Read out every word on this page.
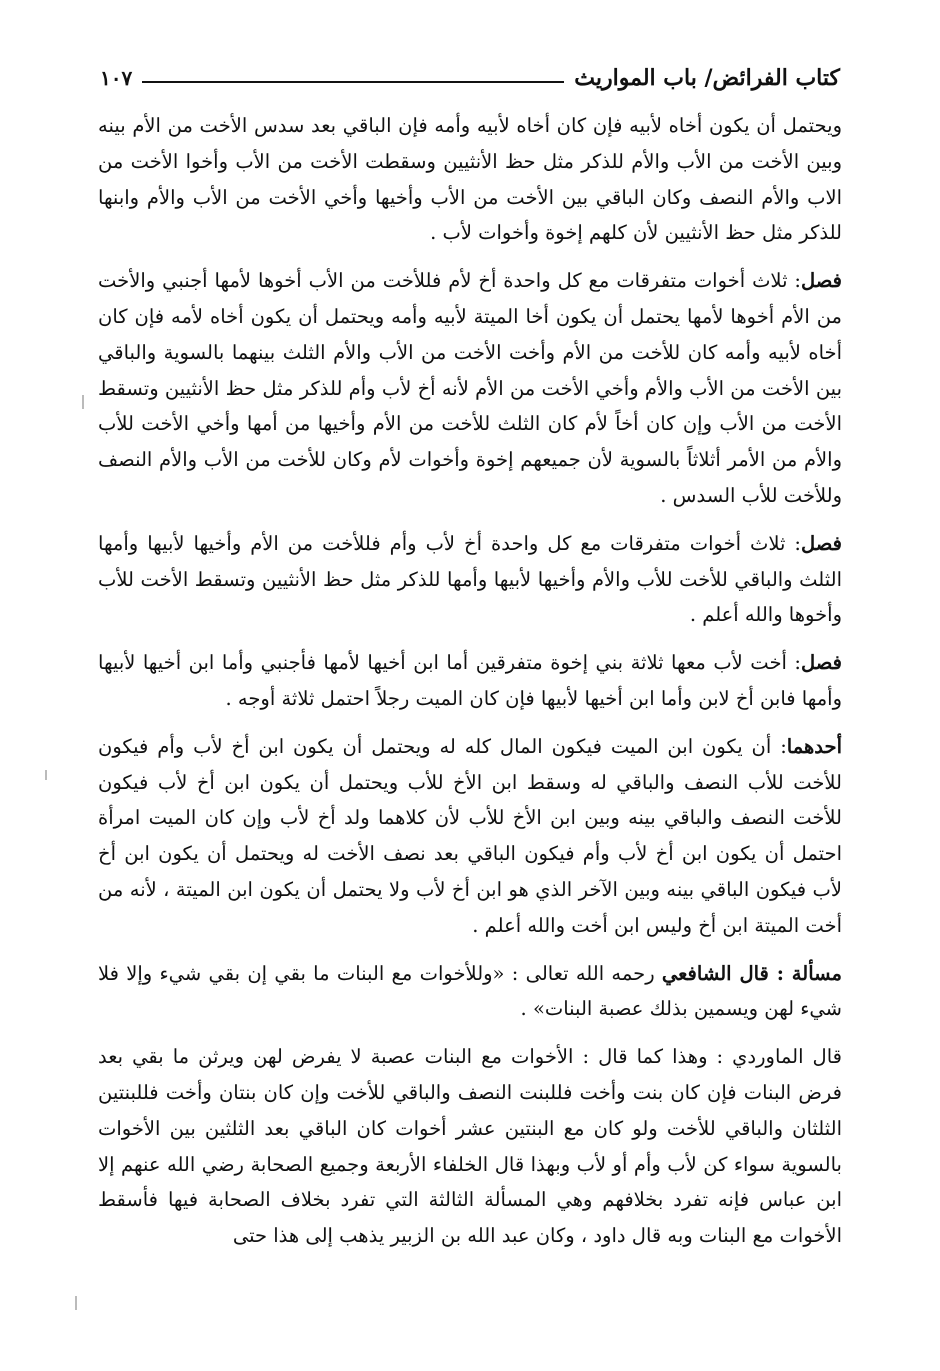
كتاب الفرائض/ باب المواريث
١٠٧

ويحتمل أن يكون أخاه لأبيه فإن كان أخاه لأبيه وأمه فإن الباقي بعد سدس الأخت من الأم بينه وبين الأخت من الأب والأم للذكر مثل حظ الأنثيين وسقطت الأخت من الأب وأخوا الأخت من الاب والأم النصف وكان الباقي بين الأخت من الأب وأخيها وأخي الأخت من الأب والأم وابنها للذكر مثل حظ الأنثيين لأن كلهم إخوة وأخوات لأب .

فصل: ثلاث أخوات متفرقات مع كل واحدة أخ لأم فللأخت من الأب أخوها لأمها أجنبي والأخت من الأم أخوها لأمها يحتمل أن يكون أخا الميتة لأبيه وأمه ويحتمل أن يكون أخاه لأمه فإن كان أخاه لأبيه وأمه كان للأخت من الأم وأخت الأخت من الأب والأم الثلث بينهما بالسوية والباقي بين الأخت من الأب والأم وأخي الأخت من الأم لأنه أخ لأب وأم للذكر مثل حظ الأنثيين وتسقط الأخت من الأب وإن كان أخاً لأم كان الثلث للأخت من الأم وأخيها من أمها وأخي الأخت للأب والأم من الأمر أثلاثاً بالسوية لأن جميعهم إخوة وأخوات لأم وكان للأخت من الأب والأم النصف وللأخت للأب السدس .

فصل: ثلاث أخوات متفرقات مع كل واحدة أخ لأب وأم فللأخت من الأم وأخيها لأبيها وأمها الثلث والباقي للأخت للأب والأم وأخيها لأبيها وأمها للذكر مثل حظ الأنثيين وتسقط الأخت للأب وأخوها والله أعلم .

فصل: أخت لأب معها ثلاثة بني إخوة متفرقين أما ابن أخيها لأمها فأجنبي وأما ابن أخيها لأبيها وأمها فابن أخ لابن وأما ابن أخيها لأبيها فإن كان الميت رجلاً احتمل ثلاثة أوجه .

أحدهما: أن يكون ابن الميت فيكون المال كله له ويحتمل أن يكون ابن أخ لأب وأم فيكون للأخت للأب النصف والباقي له وسقط ابن الأخ للأب ويحتمل أن يكون ابن أخ لأب فيكون للأخت النصف والباقي بينه وبين ابن الأخ للأب لأن كلاهما ولد أخ لأب وإن كان الميت امرأة احتمل أن يكون ابن أخ لأب وأم فيكون الباقي بعد نصف الأخت له ويحتمل أن يكون ابن أخ لأب فيكون الباقي بينه وبين الآخر الذي هو ابن أخ لأب ولا يحتمل أن يكون ابن الميتة ، لأنه من أخت الميتة ابن أخ وليس ابن أخت والله أعلم .

مسألة : قال الشافعي رحمه الله تعالى : «وللأخوات مع البنات ما بقي إن بقي شيء وإلا فلا شيء لهن ويسمين بذلك عصبة البنات» .

قال الماوردي : وهذا كما قال : الأخوات مع البنات عصبة لا يفرض لهن ويرثن ما بقي بعد فرض البنات فإن كان بنت وأخت فللبنت النصف والباقي للأخت وإن كان بنتان وأخت فللبنتين الثلثان والباقي للأخت ولو كان مع البنتين عشر أخوات كان الباقي بعد الثلثين بين الأخوات بالسوية سواء كن لأب وأم أو لأب وبهذا قال الخلفاء الأربعة وجميع الصحابة رضي الله عنهم إلا ابن عباس فإنه تفرد بخلافهم وهي المسألة الثالثة التي تفرد بخلاف الصحابة فيها فأسقط الأخوات مع البنات وبه قال داود ، وكان عبد الله بن الزبير يذهب إلى هذا حتى
